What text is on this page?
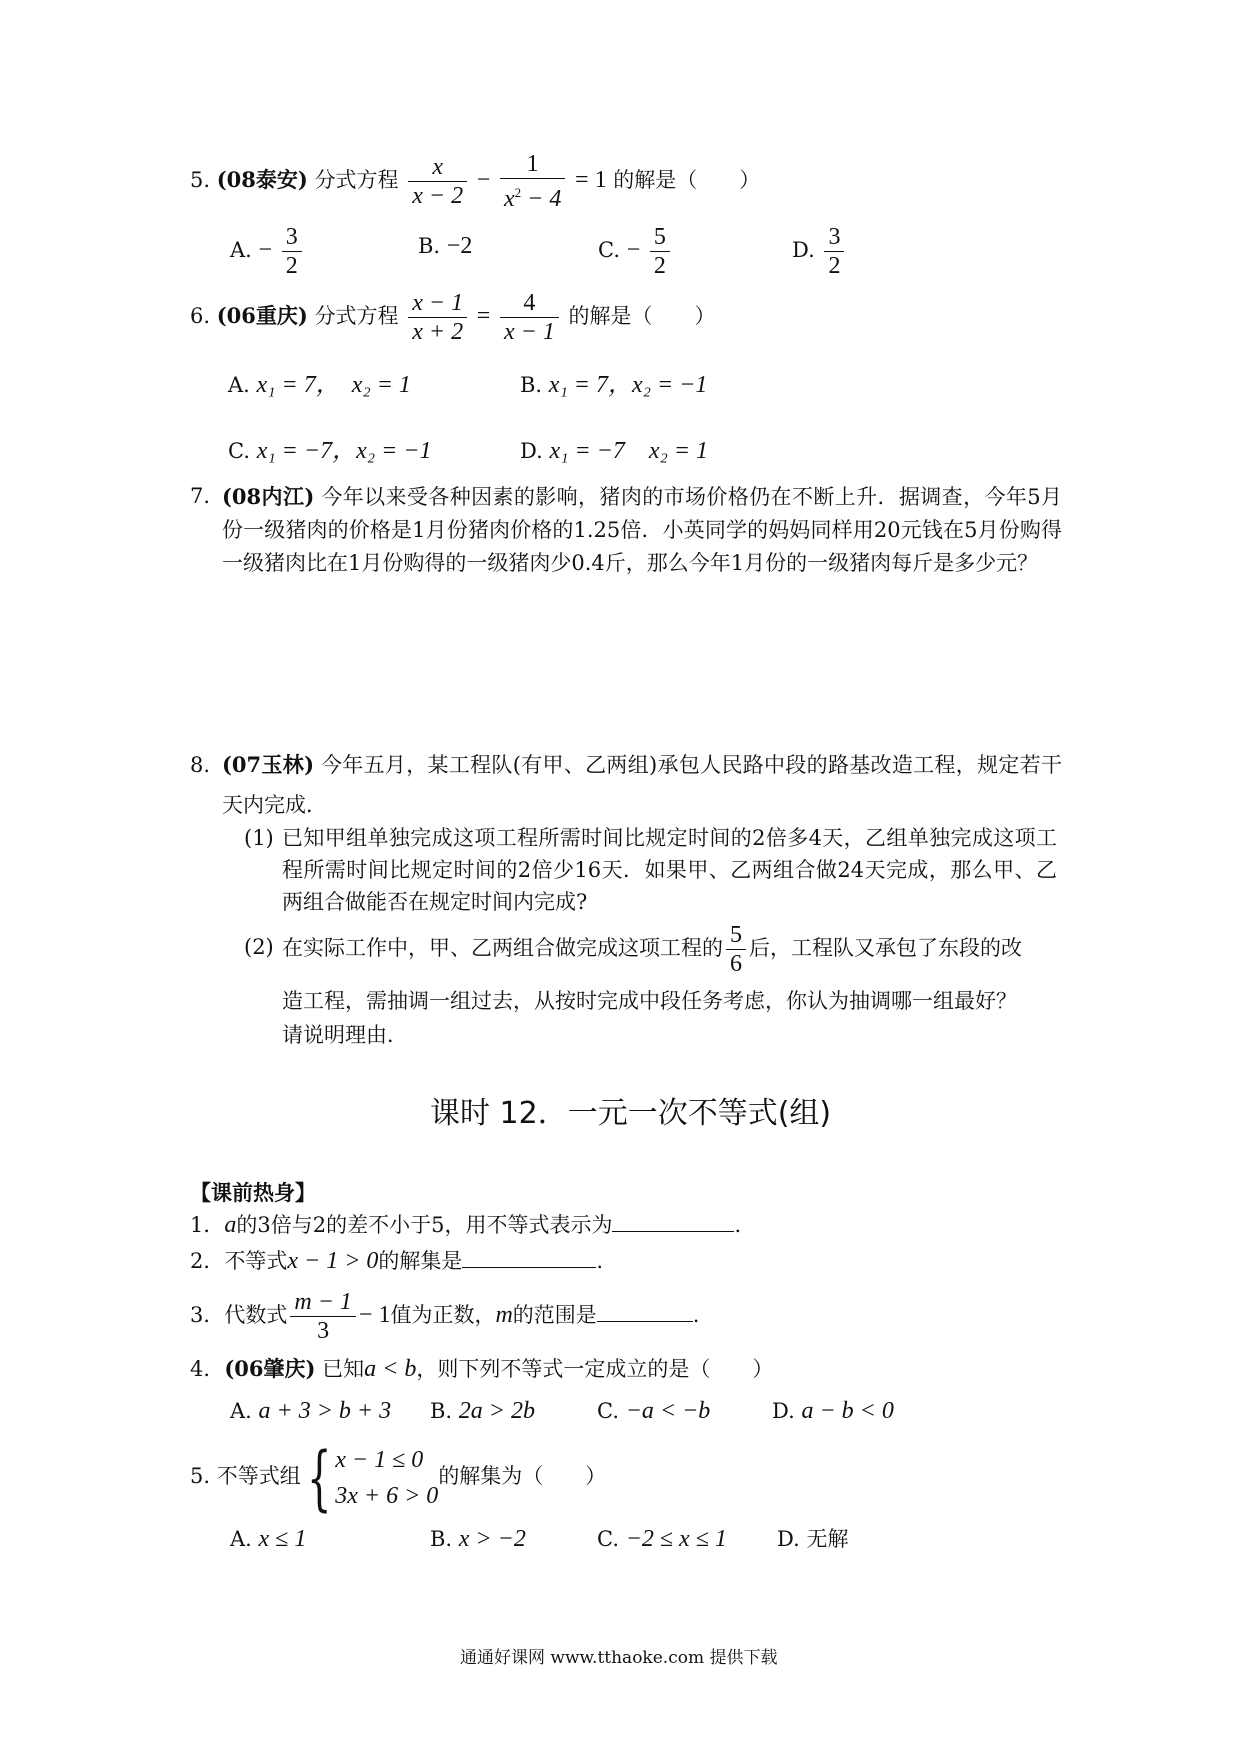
5. (08泰安) 分式方程 $\frac{x}{x - 2} - \frac{1}{x^2 - 4} = 1$ 的解是（　　）
A. − $\frac{3}{2}$	B. −2	C. − $\frac{5}{2}$	D. $\frac{3}{2}$
6. (06重庆) 分式方程 $\frac{x - 1}{x + 2} = \frac{4}{x - 1}$ 的解是（　　）
A. x₁ = 7，　x₂ = 1	B. x₁ = 7，x₂ = −1
C. x₁ = −7，x₂ = −1	D. x₁ = −7　x₂ = 1
7. (08内江) 今年以来受各种因素的影响，猪肉的市场价格仍在不断上升．据调查，今年5月份一级猪肉的价格是1月份猪肉价格的1.25倍．小英同学的妈妈同样用20元钱在5月份购得一级猪肉比在1月份购得的一级猪肉少0.4斤，那么今年1月份的一级猪肉每斤是多少元？
8. (07玉林) 今年五月，某工程队(有甲、乙两组)承包人民路中段的路基改造工程，规定若干天内完成．
(1) 已知甲组单独完成这项工程所需时间比规定时间的2倍多4天，乙组单独完成这项工程所需时间比规定时间的2倍少16天．如果甲、乙两组合做24天完成，那么甲、乙两组合做能否在规定时间内完成?
(2) 在实际工作中，甲、乙两组合做完成这项工程的 $\frac{5}{6}$ 后，工程队又承包了东段的改
造工程，需抽调一组过去，从按时完成中段任务考虑，你认为抽调哪一组最好？
请说明理由．
课时 12．一元一次不等式(组)
【课前热身】
1．a的3倍与2的差不小于5，用不等式表示为	.
2．不等式x − 1 > 0的解集是	.
3．代数式 $\frac{m - 1}{3} - 1$值为正数，m的范围是	.
4．(06肇庆) 已知a < b，则下列不等式一定成立的是（　　）
A. a + 3 > b + 3 B. 2a > 2b	C. −a < −b	D. a − b < 0
5. 不等式组{ x − 1 ≤ 0
3x + 6 > 0
的解集为（　　）
A. x ≤ 1	B. x > −2	C. −2 ≤ x ≤ 1 D. 无解
通通好课网 www.tthaoke.com 提供下载
